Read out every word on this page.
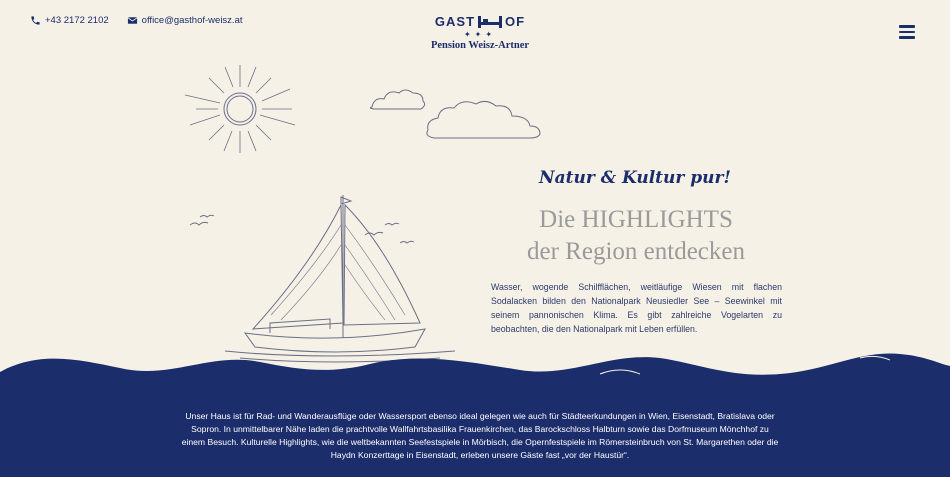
+43 2172 2102	office@gasthof-weisz.at	GAST OF
✦✦✦
Pension Weisz-Artner
Natur & Kultur pur!
Die HIGHLIGHTS
der Region entdecken
Wasser, wogende Schilfflächen, weitläufige Wiesen mit flachen Sodalacken bilden den Nationalpark Neusiedler See – Seewinkel mit seinem pannonischen Klima. Es gibt zahlreiche Vogelarten zu beobachten, die den Nationalpark mit Leben erfüllen.
Unser Haus ist für Rad- und Wanderausflüge oder Wassersport ebenso ideal gelegen wie auch für Städteerkundungen in Wien, Eisenstadt, Bratislava oder Sopron. In unmittelbarer Nähe laden die prachtvolle Wallfahrtsbasilika Frauenkirchen, das Barockschloss Halbturn sowie das Dorfmuseum Mönchhof zu einem Besuch. Kulturelle Highlights, wie die weltbekannten Seefestspiele in Mörbisch, die Opernfestspiele im Römersteinbruch von St. Margarethen oder die Haydn Konzerttage in Eisenstadt, erleben unsere Gäste fast „vor der Haustür“.
